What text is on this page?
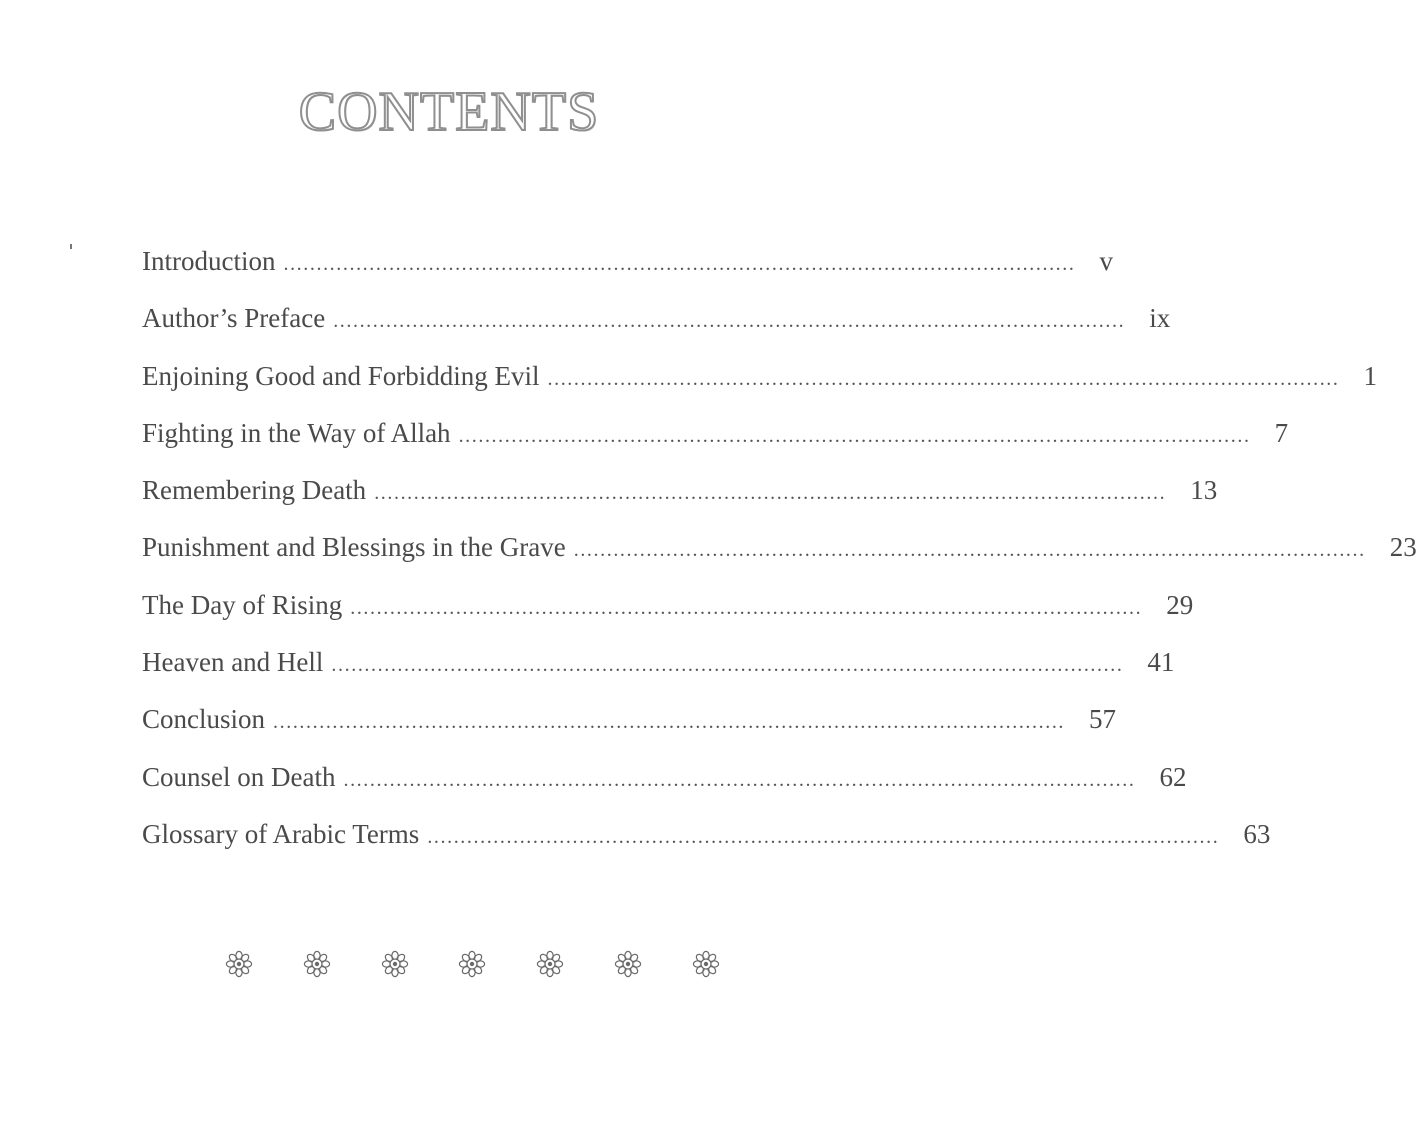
CONTENTS
Introduction ........................................................................................................................ v
Author’s Preface ........................................................................................................................ ix
Enjoining Good and Forbidding Evil ........................................................................................................................ 1
Fighting in the Way of Allah ........................................................................................................................ 7
Remembering Death ........................................................................................................................ 13
Punishment and Blessings in the Grave ........................................................................................................................ 23
The Day of Rising ........................................................................................................................ 29
Heaven and Hell ........................................................................................................................ 41
Conclusion ........................................................................................................................ 57
Counsel on Death ........................................................................................................................ 62
Glossary of Arabic Terms ........................................................................................................................ 63
